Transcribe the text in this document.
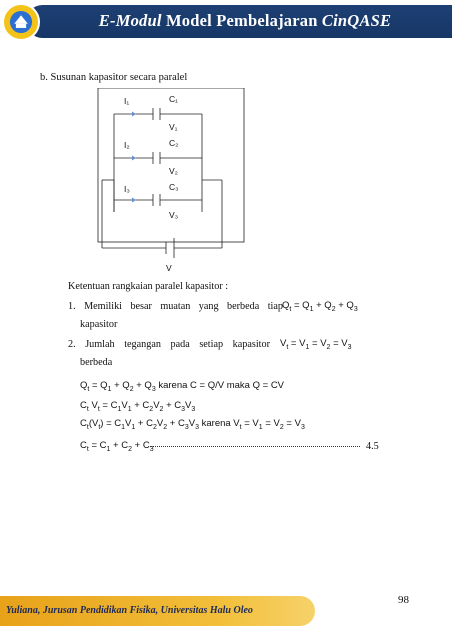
E-Modul Model Pembelajaran CinQASE
b. Susunan kapasitor secara paralel
I₁	C₁
V₁
I₂	C₂
V₂
I₃	C₃
V₃
V
Ketentuan rangkaian paralel kapasitor :
1. Memiliki besar muatan yang berbeda tiap $Q_t = Q_1 + Q_2 + Q_3$
kapasitor
2. Jumlah tegangan pada setiap kapasitor $V_t = V_1 = V_2 = V_3$
berbeda
$Q_t = Q_1 + Q_2 + Q_3$ karena C = Q/V maka Q = CV
$C_t$ $V_t = C_1V_1 + C_2V_2 + C_3V_3$
$C_t(V_t) = C_1V_1 + C_2V_2 + C_3V_3$ karena $V_t = V_1 = V_2 = V_3$
$C_t = C_1 + C_2 + C_3$	4.5
Yuliana, Jurusan Pendidikan Fisika, Universitas Halu Oleo
98
